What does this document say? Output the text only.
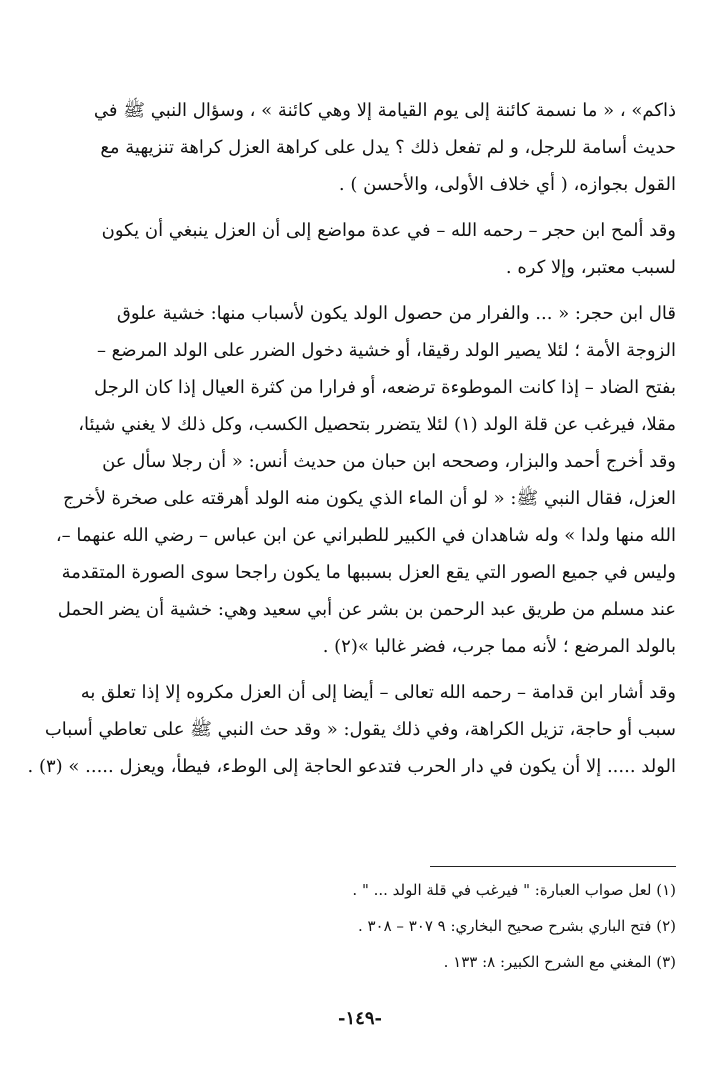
ذاكم» ، « ما نسمة كائنة إلى يوم القيامة إلا وهي كائنة » ، وسؤال النبي ﷺ في
حديث أسامة للرجل، و لم تفعل ذلك ؟ يدل على كراهة العزل كراهة تنزيهية مع
القول بجوازه، ( أي خلاف الأولى، والأحسن ) .
وقد ألمح ابن حجر – رحمه الله – في عدة مواضع إلى أن العزل ينبغي أن يكون
لسبب معتبر، وإلا كره .
قال ابن حجر: « ... والفرار من حصول الولد يكون لأسباب منها: خشية علوق
الزوجة الأمة ؛ لئلا يصير الولد رقيقا، أو خشية دخول الضرر على الولد المرضع –
بفتح الضاد – إذا كانت الموطوءة ترضعه، أو فرارا من كثرة العيال إذا كان الرجل
مقلا، فيرغب عن قلة الولد (١) لئلا يتضرر بتحصيل الكسب، وكل ذلك لا يغني شيئا،
وقد أخرج أحمد والبزار، وصححه ابن حبان من حديث أنس: « أن رجلا سأل عن
العزل، فقال النبي ﷺ: « لو أن الماء الذي يكون منه الولد أهرقته على صخرة لأخرج
الله منها ولدا » وله شاهدان في الكبير للطبراني عن ابن عباس – رضي الله عنهما –،
وليس في جميع الصور التي يقع العزل بسببها ما يكون راجحا سوى الصورة المتقدمة
عند مسلم من طريق عبد الرحمن بن بشر عن أبي سعيد وهي: خشية أن يضر الحمل
بالولد المرضع ؛ لأنه مما جرب، فضر غالبا »(٢) .
وقد أشار ابن قدامة – رحمه الله تعالى – أيضا إلى أن العزل مكروه إلا إذا تعلق به
سبب أو حاجة، تزيل الكراهة، وفي ذلك يقول: « وقد حث النبي ﷺ على تعاطي أسباب
الولد ..... إلا أن يكون في دار الحرب فتدعو الحاجة إلى الوطء، فيطأ، ويعزل ..... » (٣) .
(١) لعل صواب العبارة: " فيرغب في قلة الولد ... " .
(٢) فتح الباري بشرح صحيح البخاري: ٩ ٣٠٧ – ٣٠٨ .
(٣) المغني مع الشرح الكبير: ٨: ١٣٣ .
-١٤٩-
